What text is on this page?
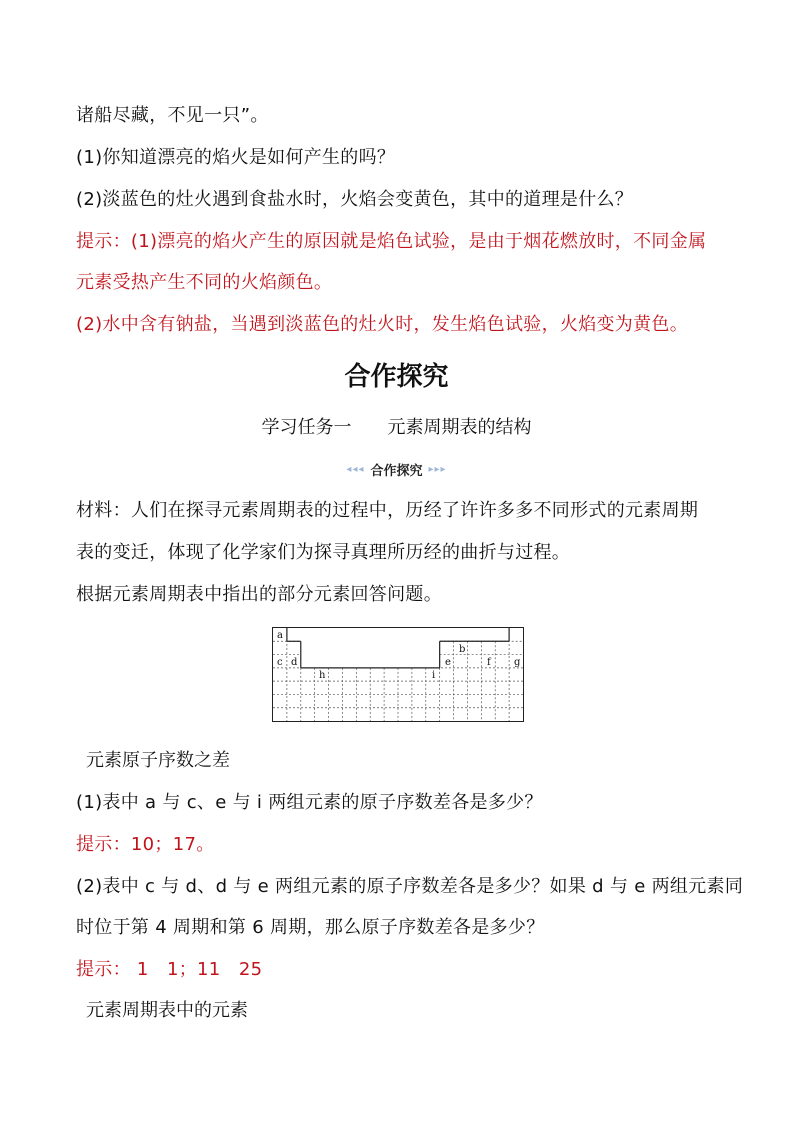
诸船尽藏，不见一只”。
(1)你知道漂亮的焰火是如何产生的吗？
(2)淡蓝色的灶火遇到食盐水时，火焰会变黄色，其中的道理是什么？
提示：(1)漂亮的焰火产生的原因就是焰色试验，是由于烟花燃放时，不同金属
元素受热产生不同的火焰颜色。
(2)水中含有钠盐，当遇到淡蓝色的灶火时，发生焰色试验，火焰变为黄色。
合作探究
学习任务一　　元素周期表的结构
◂◂◂ 合作探究 ▸▸▸
材料：人们在探寻元素周期表的过程中，历经了许许多多不同形式的元素周期
表的变迁，体现了化学家们为探寻真理所历经的曲折与过程。
根据元素周期表中指出的部分元素回答问题。
a
b
c d	e	f g
h	i
元素原子序数之差
(1)表中 a 与 c、e 与 i 两组元素的原子序数差各是多少？
提示：10；17。
(2)表中 c 与 d、d 与 e 两组元素的原子序数差各是多少？如果 d 与 e 两组元素同
时位于第 4 周期和第 6 周期，那么原子序数差各是多少？
提示： 1　1；11　25
元素周期表中的元素
